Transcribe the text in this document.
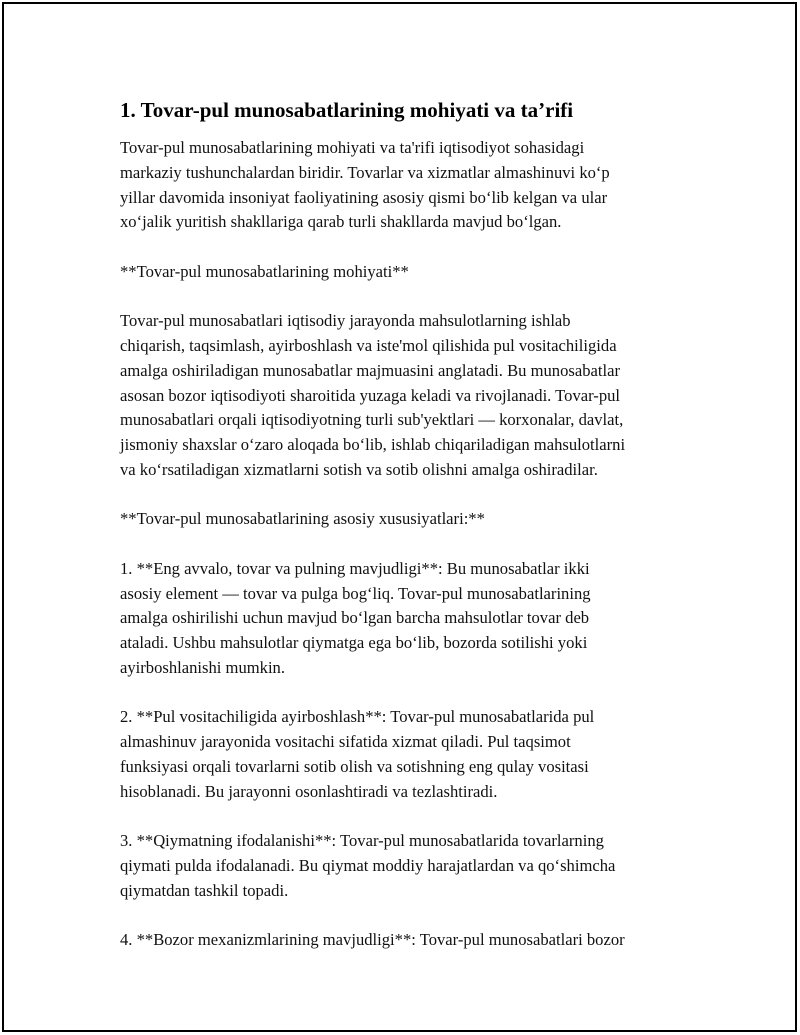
1. Tovar-pul munosabatlarining mohiyati va ta’rifi

Tovar-pul munosabatlarining mohiyati va ta'rifi iqtisodiyot sohasidagi
markaziy tushunchalardan biridir. Tovarlar va xizmatlar almashinuvi ko‘p
yillar davomida insoniyat faoliyatining asosiy qismi bo‘lib kelgan va ular
xo‘jalik yuritish shakllariga qarab turli shakllarda mavjud bo‘lgan.

**Tovar-pul munosabatlarining mohiyati**

Tovar-pul munosabatlari iqtisodiy jarayonda mahsulotlarning ishlab
chiqarish, taqsimlash, ayirboshlash va iste'mol qilishida pul vositachiligida
amalga oshiriladigan munosabatlar majmuasini anglatadi. Bu munosabatlar
asosan bozor iqtisodiyoti sharoitida yuzaga keladi va rivojlanadi. Tovar-pul
munosabatlari orqali iqtisodiyotning turli sub'yektlari — korxonalar, davlat,
jismoniy shaxslar o‘zaro aloqada bo‘lib, ishlab chiqariladigan mahsulotlarni
va ko‘rsatiladigan xizmatlarni sotish va sotib olishni amalga oshiradilar.

**Tovar-pul munosabatlarining asosiy xususiyatlari:**

1. **Eng avvalo, tovar va pulning mavjudligi**: Bu munosabatlar ikki
asosiy element — tovar va pulga bog‘liq. Tovar-pul munosabatlarining
amalga oshirilishi uchun mavjud bo‘lgan barcha mahsulotlar tovar deb
ataladi. Ushbu mahsulotlar qiymatga ega bo‘lib, bozorda sotilishi yoki
ayirboshlanishi mumkin.

2. **Pul vositachiligida ayirboshlash**: Tovar-pul munosabatlarida pul
almashinuv jarayonida vositachi sifatida xizmat qiladi. Pul taqsimot
funksiyasi orqali tovarlarni sotib olish va sotishning eng qulay vositasi
hisoblanadi. Bu jarayonni osonlashtiradi va tezlashtiradi.

3. **Qiymatning ifodalanishi**: Tovar-pul munosabatlarida tovarlarning
qiymati pulda ifodalanadi. Bu qiymat moddiy harajatlardan va qo‘shimcha
qiymatdan tashkil topadi.

4. **Bozor mexanizmlarining mavjudligi**: Tovar-pul munosabatlari bozor
